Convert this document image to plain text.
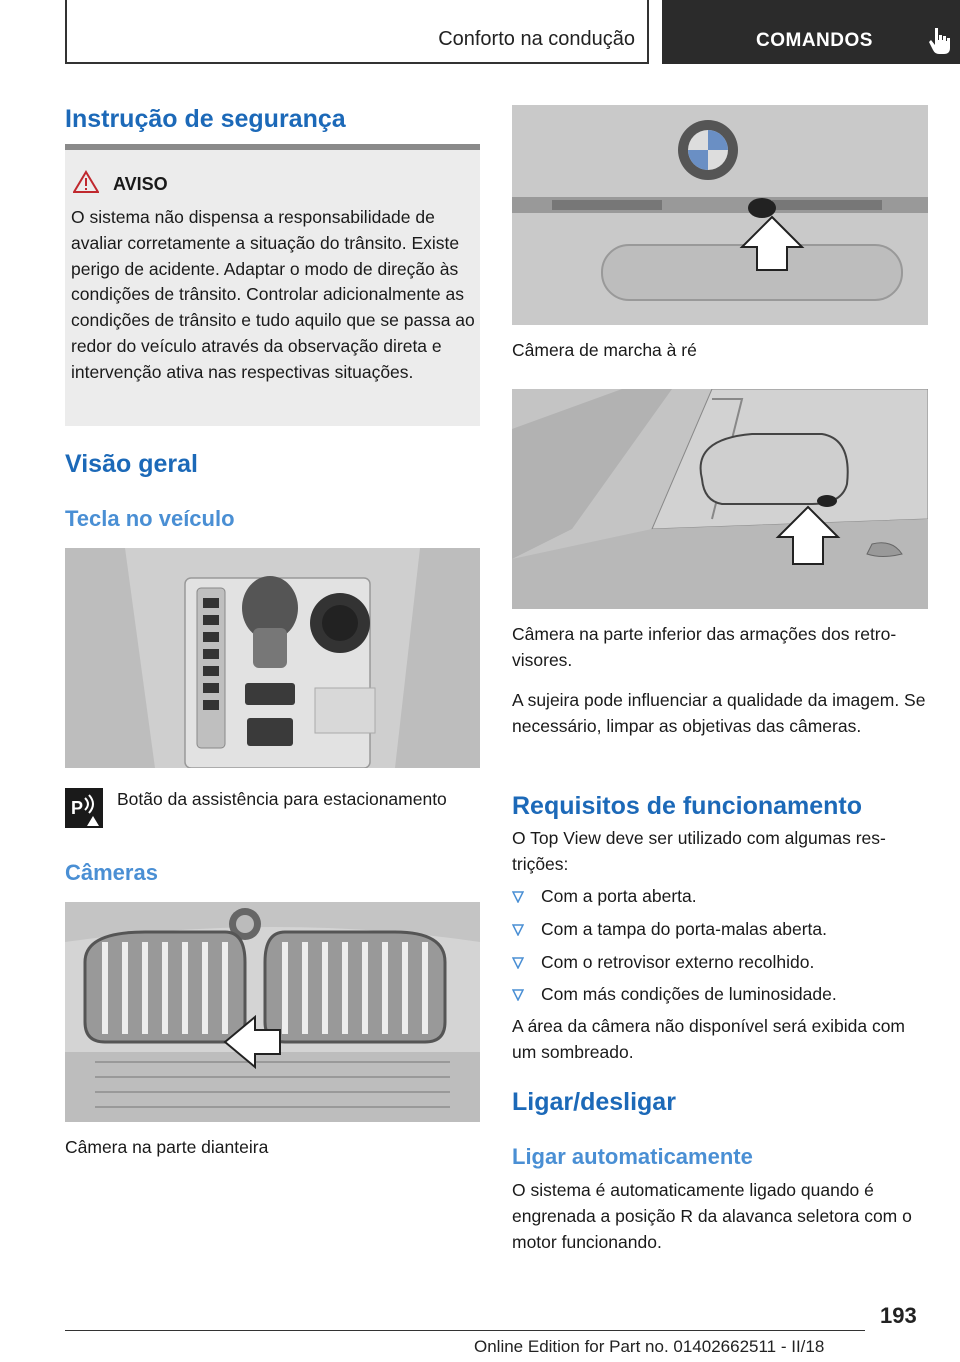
Conforto na condução	COMANDOS
Instrução de segurança
AVISO
O sistema não dispensa a responsabilidade de avaliar corretamente a situação do trânsito. Existe perigo de acidente. Adaptar o modo de direção às condições de trânsito. Controlar adicionalmente as condições de trânsito e tudo aquilo que se passa ao redor do veículo através da observação direta e intervenção ativa nas respectivas situações.
Visão geral
Tecla no veículo
P Botão da assistência para estacionamento
Câmeras
Câmera na parte dianteira
Câmera de marcha à ré
Câmera na parte inferior das armações dos retrovisores.
A sujeira pode influenciar a qualidade da imagem. Se necessário, limpar as objetivas das câmeras.
Requisitos de funcionamento
O Top View deve ser utilizado com algumas restrições:
Com a porta aberta.
Com a tampa do porta-malas aberta.
Com o retrovisor externo recolhido.
Com más condições de luminosidade.
A área da câmera não disponível será exibida com um sombreado.
Ligar/desligar
Ligar automaticamente
O sistema é automaticamente ligado quando é engrenada a posição R da alavanca seletora com o motor funcionando.
193
Online Edition for Part no. 01402662511 - II/18
